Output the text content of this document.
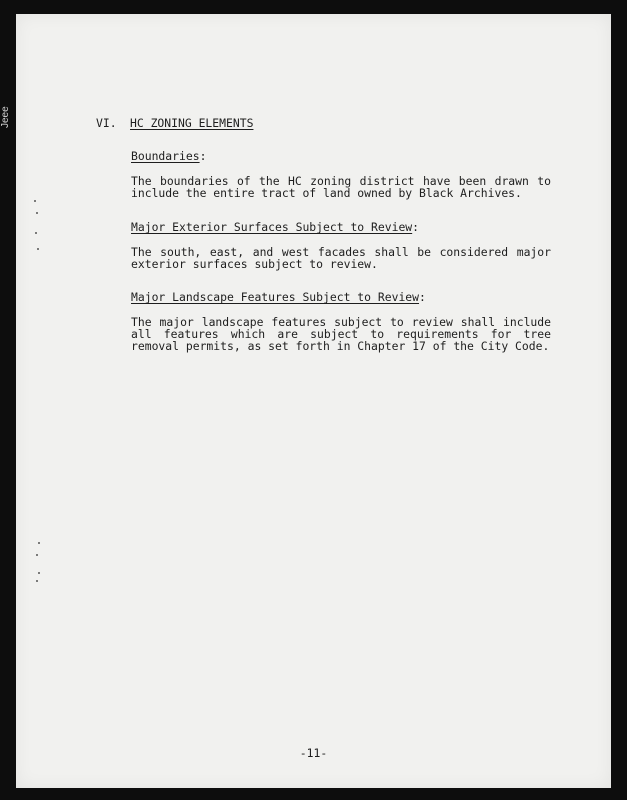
VI. HC ZONING ELEMENTS
Boundaries:
The boundaries of the HC zoning district have been drawn to include the entire tract of land owned by Black Archives.
Major Exterior Surfaces Subject to Review:
The south, east, and west facades shall be considered major exterior surfaces subject to review.
Major Landscape Features Subject to Review:
The major landscape features subject to review shall include all features which are subject to requirements for tree removal permits, as set forth in Chapter 17 of the City Code.
-11-
Jeee
